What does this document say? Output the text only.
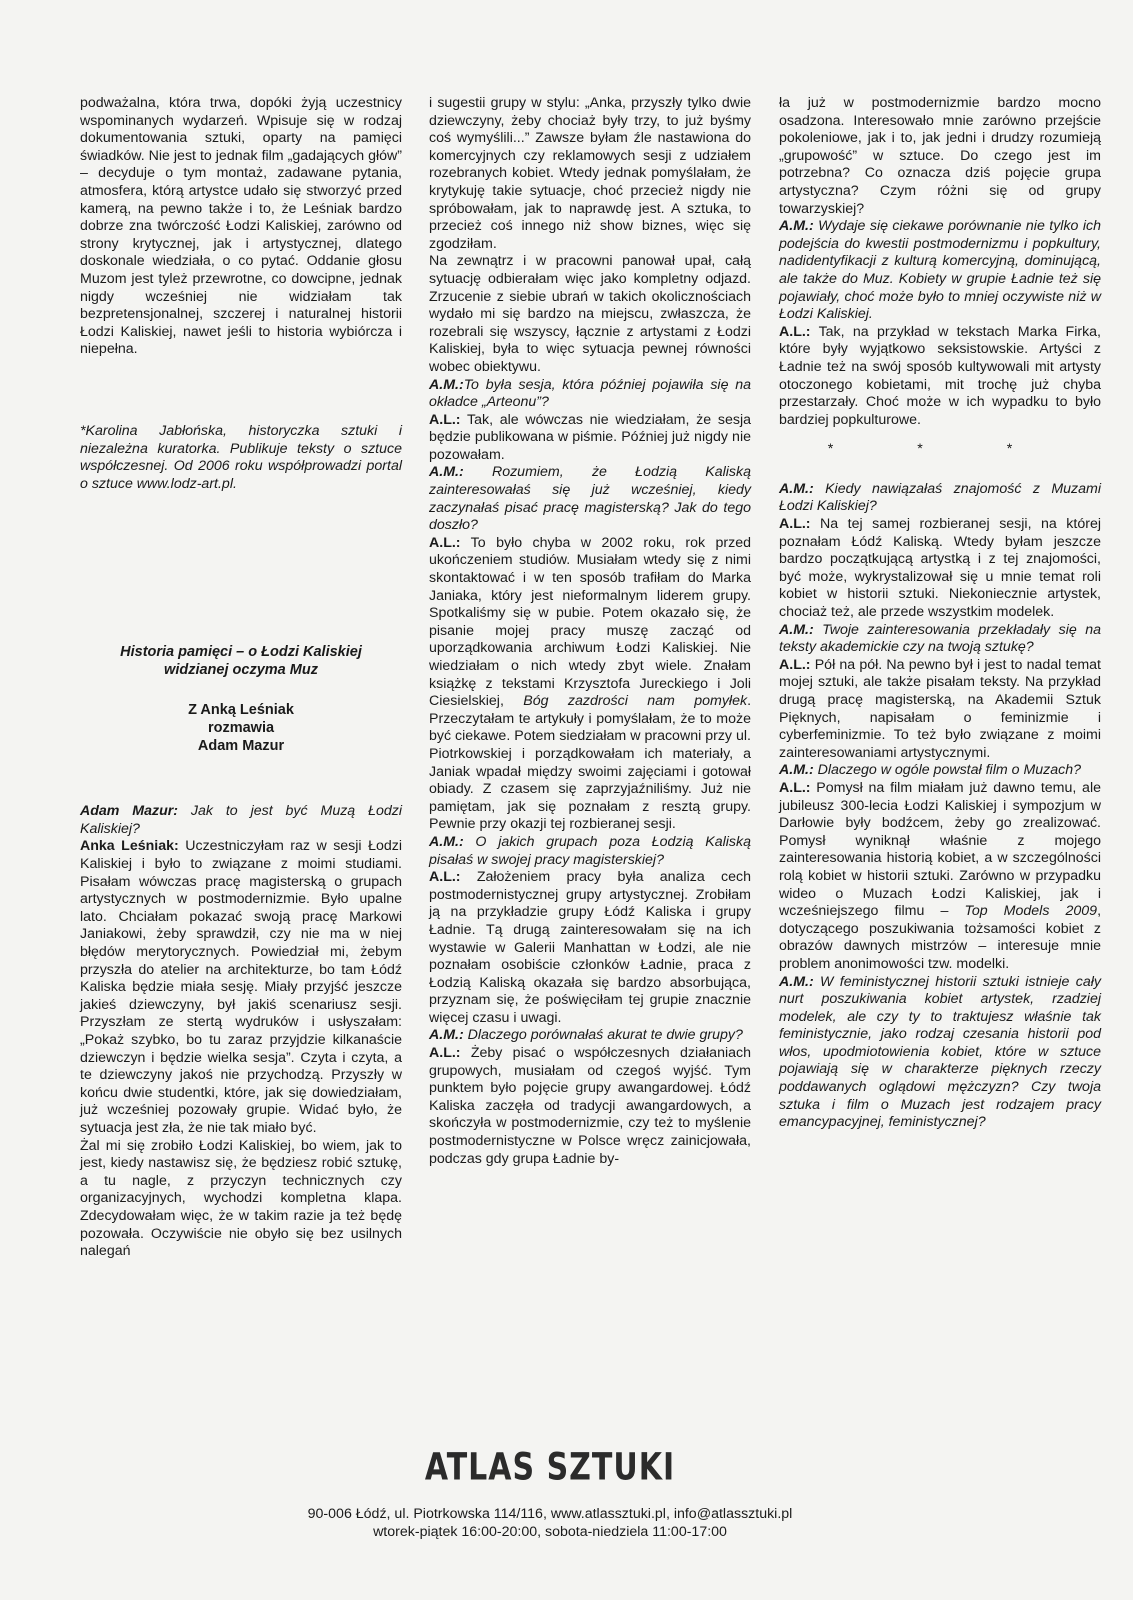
podważalna, która trwa, dopóki żyją uczestnicy wspominanych wydarzeń. Wpisuje się w rodzaj dokumentowania sztuki, oparty na pamięci świadków. Nie jest to jednak film „gadających głów” – decyduje o tym montaż, zadawane pytania, atmosfera, którą artystce udało się stworzyć przed kamerą, na pewno także i to, że Leśniak bardzo dobrze zna twórczość Łodzi Kaliskiej, zarówno od strony krytycznej, jak i artystycznej, dlatego doskonale wiedziała, o co pytać. Oddanie głosu Muzom jest tyleż przewrotne, co dowcipne, jednak nigdy wcześniej nie widziałam tak bezpretensjonalnej, szczerej i naturalnej historii Łodzi Kaliskiej, nawet jeśli to historia wybiórcza i niepełna.

*Karolina Jabłońska, historyczka sztuki i niezależna kuratorka. Publikuje teksty o sztuce współczesnej. Od 2006 roku współprowadzi portal o sztuce www.lodz-art.pl.

Historia pamięci – o Łodzi Kaliskiej
widzianej oczyma Muz

Z Anką Leśniak
rozmawia
Adam Mazur

Adam Mazur: Jak to jest być Muzą Łodzi Kaliskiej?

Anka Leśniak: Uczestniczyłam raz w sesji Łodzi Kaliskiej i było to związane z moimi studiami. Pisałam wówczas pracę magisterską o grupach artystycznych w postmodernizmie. Było upalne lato. Chciałam pokazać swoją pracę Markowi Janiakowi, żeby sprawdził, czy nie ma w niej błędów merytorycznych. Powiedział mi, żebym przyszła do atelier na architekturze, bo tam Łódź Kaliska będzie miała sesję. Miały przyjść jeszcze jakieś dziewczyny, był jakiś scenariusz sesji. Przyszłam ze stertą wydruków i usłyszałam: „Pokaż szybko, bo tu zaraz przyjdzie kilkanaście dziewczyn i będzie wielka sesja”. Czyta i czyta, a te dziewczyny jakoś nie przychodzą. Przyszły w końcu dwie studentki, które, jak się dowiedziałam, już wcześniej pozowały grupie. Widać było, że sytuacja jest zła, że nie tak miało być.

Żal mi się zrobiło Łodzi Kaliskiej, bo wiem, jak to jest, kiedy nastawisz się, że będziesz robić sztukę, a tu nagle, z przyczyn technicznych czy organizacyjnych, wychodzi kompletna klapa. Zdecydowałam więc, że w takim razie ja też będę pozowała. Oczywiście nie obyło się bez usilnych nalegań

i sugestii grupy w stylu: „Anka, przyszły tylko dwie dziewczyny, żeby chociaż były trzy, to już byśmy coś wymyślili...” Zawsze byłam źle nastawiona do komercyjnych czy reklamowych sesji z udziałem rozebranych kobiet. Wtedy jednak pomyślałam, że krytykuję takie sytuacje, choć przecież nigdy nie spróbowałam, jak to naprawdę jest. A sztuka, to przecież coś innego niż show biznes, więc się zgodziłam.

Na zewnątrz i w pracowni panował upał, całą sytuację odbierałam więc jako kompletny odjazd. Zrzucenie z siebie ubrań w takich okolicznościach wydało mi się bardzo na miejscu, zwłaszcza, że rozebrali się wszyscy, łącznie z artystami z Łodzi Kaliskiej, była to więc sytuacja pewnej równości wobec obiektywu.

A.M.:To była sesja, która później pojawiła się na okładce „Arteonu”?

A.L.: Tak, ale wówczas nie wiedziałam, że sesja będzie publikowana w piśmie. Później już nigdy nie pozowałam.

A.M.: Rozumiem, że Łodzią Kaliską zainteresowałaś się już wcześniej, kiedy zaczynałaś pisać pracę magisterską? Jak do tego doszło?

A.L.: To było chyba w 2002 roku, rok przed ukończeniem studiów. Musiałam wtedy się z nimi skontaktować i w ten sposób trafiłam do Marka Janiaka, który jest nieformalnym liderem grupy. Spotkaliśmy się w pubie. Potem okazało się, że pisanie mojej pracy muszę zacząć od uporządkowania archiwum Łodzi Kaliskiej. Nie wiedziałam o nich wtedy zbyt wiele. Znałam książkę z tekstami Krzysztofa Jureckiego i Joli Ciesielskiej, Bóg zazdrości nam pomyłek. Przeczytałam te artykuły i pomyślałam, że to może być ciekawe. Potem siedziałam w pracowni przy ul. Piotrkowskiej i porządkowałam ich materiały, a Janiak wpadał między swoimi zajęciami i gotował obiady. Z czasem się zaprzyjaźniliśmy. Już nie pamiętam, jak się poznałam z resztą grupy. Pewnie przy okazji tej rozbieranej sesji.

A.M.: O jakich grupach poza Łodzią Kaliską pisałaś w swojej pracy magisterskiej?

A.L.: Założeniem pracy była analiza cech postmodernistycznej grupy artystycznej. Zrobiłam ją na przykładzie grupy Łódź Kaliska i grupy Ładnie. Tą drugą zainteresowałam się na ich wystawie w Galerii Manhattan w Łodzi, ale nie poznałam osobiście członków Ładnie, praca z Łodzią Kaliską okazała się bardzo absorbująca, przyznam się, że poświęciłam tej grupie znacznie więcej czasu i uwagi.

A.M.: Dlaczego porównałaś akurat te dwie grupy?

A.L.: Żeby pisać o współczesnych działaniach grupowych, musiałam od czegoś wyjść. Tym punktem było pojęcie grupy awangardowej. Łódź Kaliska zaczęła od tradycji awangardowych, a skończyła w postmodernizmie, czy też to myślenie postmodernistyczne w Polsce wręcz zainicjowała, podczas gdy grupa Ładnie by-

ła już w postmodernizmie bardzo mocno osadzona. Interesowało mnie zarówno przejście pokoleniowe, jak i to, jak jedni i drudzy rozumieją „grupowość” w sztuce. Do czego jest im potrzebna? Co oznacza dziś pojęcie grupa artystyczna? Czym różni się od grupy towarzyskiej?

A.M.: Wydaje się ciekawe porównanie nie tylko ich podejścia do kwestii postmodernizmu i popkultury, nadidentyfikacji z kulturą komercyjną, dominującą, ale także do Muz. Kobiety w grupie Ładnie też się pojawiały, choć może było to mniej oczywiste niż w Łodzi Kaliskiej.

A.L.: Tak, na przykład w tekstach Marka Firka, które były wyjątkowo seksistowskie. Artyści z Ładnie też na swój sposób kultywowali mit artysty otoczonego kobietami, mit trochę już chyba przestarzały. Choć może w ich wypadku to było bardziej popkulturowe.

* * *

A.M.: Kiedy nawiązałaś znajomość z Muzami Łodzi Kaliskiej?

A.L.: Na tej samej rozbieranej sesji, na której poznałam Łódź Kaliską. Wtedy byłam jeszcze bardzo początkującą artystką i z tej znajomości, być może, wykrystalizował się u mnie temat roli kobiet w historii sztuki. Niekoniecznie artystek, chociaż też, ale przede wszystkim modelek.

A.M.: Twoje zainteresowania przekładały się na teksty akademickie czy na twoją sztukę?

A.L.: Pół na pół. Na pewno był i jest to nadal temat mojej sztuki, ale także pisałam teksty. Na przykład drugą pracę magisterską, na Akademii Sztuk Pięknych, napisałam o feminizmie i cyberfeminizmie. To też było związane z moimi zainteresowaniami artystycznymi.

A.M.: Dlaczego w ogóle powstał film o Muzach?

A.L.: Pomysł na film miałam już dawno temu, ale jubileusz 300-lecia Łodzi Kaliskiej i sympozjum w Darłowie były bodźcem, żeby go zrealizować. Pomysł wyniknął właśnie z mojego zainteresowania historią kobiet, a w szczególności rolą kobiet w historii sztuki. Zarówno w przypadku wideo o Muzach Łodzi Kaliskiej, jak i wcześniejszego filmu – Top Models 2009, dotyczącego poszukiwania tożsamości kobiet z obrazów dawnych mistrzów – interesuje mnie problem anonimowości tzw. modelki.

A.M.: W feministycznej historii sztuki istnieje cały nurt poszukiwania kobiet artystek, rzadziej modelek, ale czy ty to traktujesz właśnie tak feministycznie, jako rodzaj czesania historii pod włos, upodmiotowienia kobiet, które w sztuce pojawiają się w charakterze pięknych rzeczy poddawanych oglądowi mężczyzn? Czy twoja sztuka i film o Muzach jest rodzajem pracy emancypacyjnej, feministycznej?

ATLAS SZTUKI
90-006 Łódź, ul. Piotrkowska 114/116, www.atlassztuki.pl, info@atlassztuki.pl
wtorek-piątek 16:00-20:00, sobota-niedziela 11:00-17:00
